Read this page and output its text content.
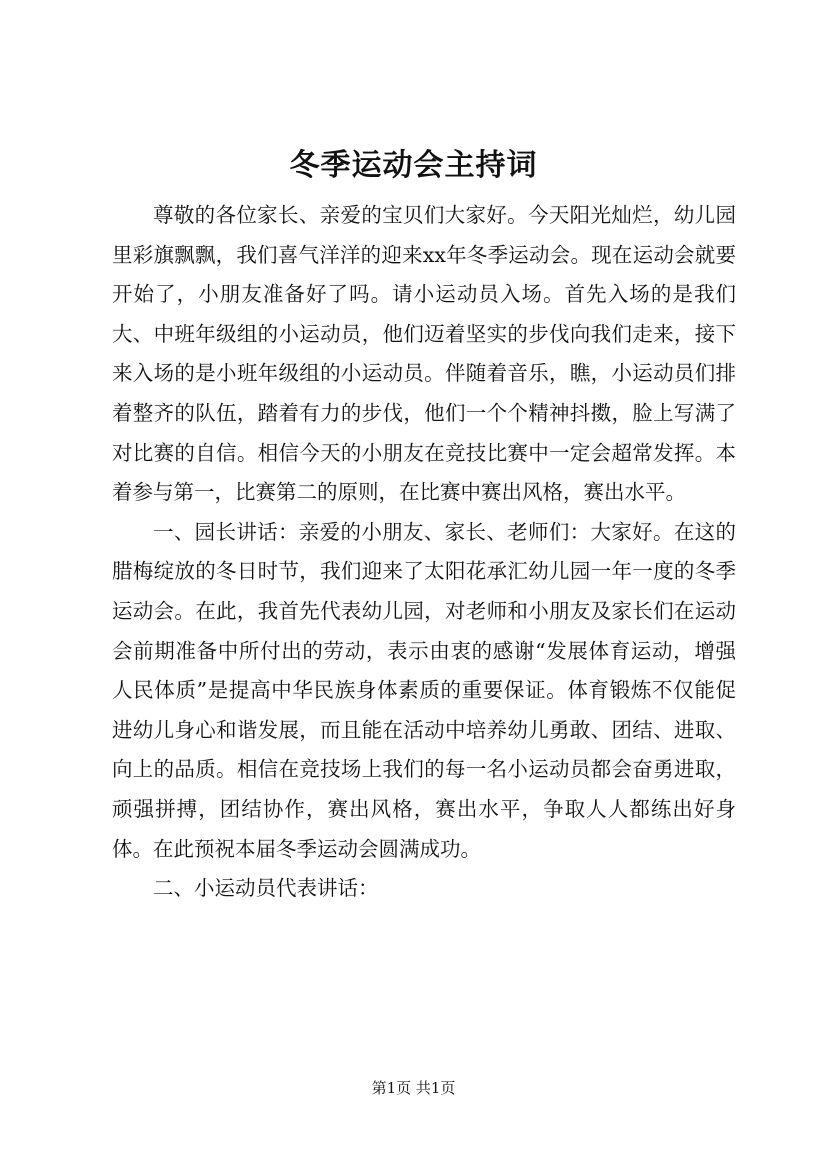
冬季运动会主持词

尊敬的各位家长、亲爱的宝贝们大家好。今天阳光灿烂，幼儿园里彩旗飘飘，我们喜气洋洋的迎来xx年冬季运动会。现在运动会就要开始了，小朋友准备好了吗。请小运动员入场。首先入场的是我们大、中班年级组的小运动员，他们迈着坚实的步伐向我们走来，接下来入场的是小班年级组的小运动员。伴随着音乐，瞧，小运动员们排着整齐的队伍，踏着有力的步伐，他们一个个精神抖擞，脸上写满了对比赛的自信。相信今天的小朋友在竞技比赛中一定会超常发挥。本着参与第一，比赛第二的原则，在比赛中赛出风格，赛出水平。

一、园长讲话：亲爱的小朋友、家长、老师们：大家好。在这的腊梅绽放的冬日时节，我们迎来了太阳花承汇幼儿园一年一度的冬季运动会。在此，我首先代表幼儿园，对老师和小朋友及家长们在运动会前期准备中所付出的劳动，表示由衷的感谢“发展体育运动，增强人民体质”是提高中华民族身体素质的重要保证。体育锻炼不仅能促进幼儿身心和谐发展，而且能在活动中培养幼儿勇敢、团结、进取、向上的品质。相信在竞技场上我们的每一名小运动员都会奋勇进取，顽强拼搏，团结协作，赛出风格，赛出水平，争取人人都练出好身体。在此预祝本届冬季运动会圆满成功。

二、小运动员代表讲话：

第1页 共1页
